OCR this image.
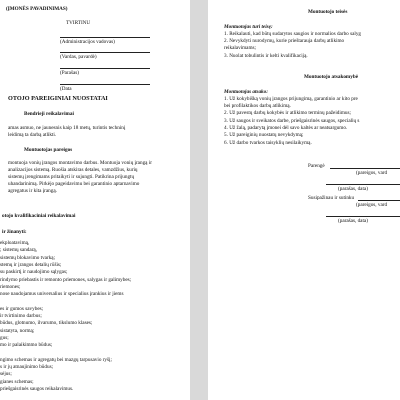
(ĮMONĖS PAVADINIMAS)
TVIRTINU
(Administracijos vadovas)
(Vardas, pavardė)
(Parašas)
(Data
OTOJO PAREIGINIAI NUOSTATAI
Bendrieji reikalavimai
amas asmuo, ne jaunesnis kaip 18 metų, turintis techninį
leidimą ta darbą atlikti.
Montuotojas pareigos
montuoja vonių įrangos montavimo darbus. Montuoja vonių įrangą ir
analizacijos sistemą. Ruošia atskiras detales, vamzdžius, kurių
sistemų įrengimams pritaikyti ir sujungti. Patikrina prijungtų
uhandarinimą. Pirkėjo pageidavimu bei garantinio aptarnavimo
agregatus ir kita įrangą.
otojo kvalifikaciniai reikalavimai
ir žinanyti:
ekploatavimą,
; sistemų sandarą,
sistemų blokavimo tvarką;
stemų ir įrangos detalių rūšis;
su paskirtį ir naudojimo sąlygas;
rindymo priebastis ir remonto priemones, salygas ir galimybes;
riemones;
nose naudojamus universalius ir specialius įrankius ir jiems
es ir gumos savybes;
ir tvirtinimo darbus;
būdus, glotnumo, ilvarumo, tikslumo klases;
sistatyta, normą;
gus;
mo ir palaikimmo būdus;
ngimo schemas ir agregatų bei mazgų tarpusavio ryšį;
s ir jų atnaujinimo būdus;
sėjus;
gianes schemas;
priešgaisrinės saugos reikalavimus.
Montuotojo teisės
Montuotojas turi teisę:
1. Reikalauti, kad būtų sudarytos saugios ir normalios darbo salyg
2. Nevykdyti nurodymų, kurie prieštarauja darbų atlikimo
reikalavimams;
3. Nuolat tobulintis ir kelti kvalifikaciją.
Montuotojo atsakomybė
Montuotojas atsako:
1. Už kokybišką vonių įrangos prijungimą, garantinio ar kito pre
bei profilaktikos darbų atlikimą.
2. Už pavestų darbų kokybės ir atlikimo terminų pažeidimus;
3. Už saugos ir sveikatos darbe, priešgaisrinės saugos, specialių s
4. Už žalą, padarytą įmonei dėl savo kaltės ar neatsargumo.
5. Už pareiginių nuostatų nevykdymą;
6. Už darbo tvarkos taisyklių nesilaikymą.
Parengė
(pareigos, vard
(parašas, data)
Susipažinau ir sutinku
(pareigos, vard
(parašas, data)
